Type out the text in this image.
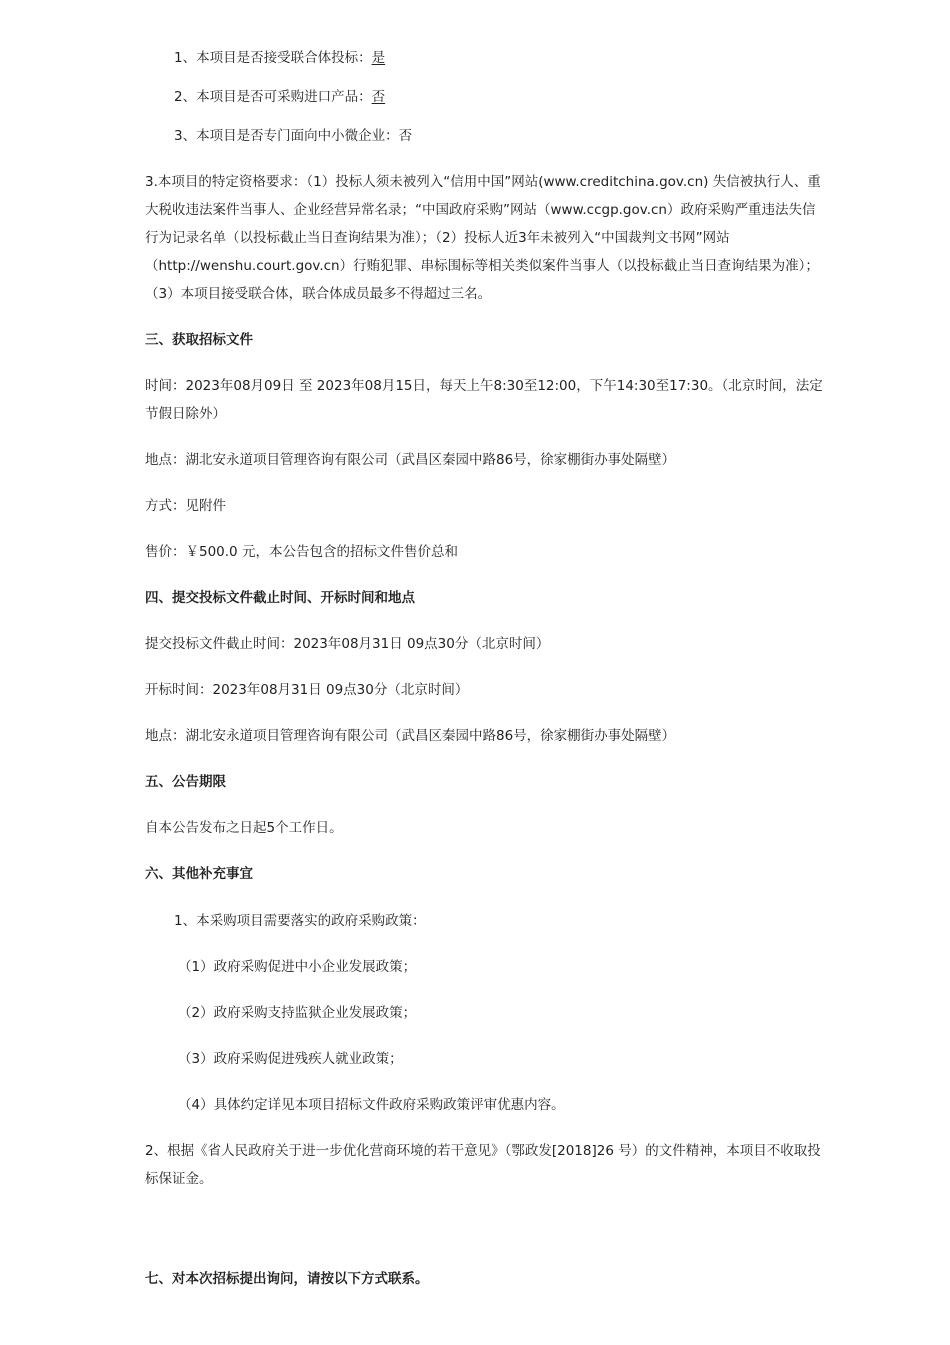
1、本项目是否接受联合体投标：是

2、本项目是否可采购进口产品：否

3、本项目是否专门面向中小微企业：否

3.本项目的特定资格要求：（1）投标人须未被列入“信用中国”网站(www.creditchina.gov.cn) 失信被执行人、重大税收违法案件当事人、企业经营异常名录；“中国政府采购”网站（www.ccgp.gov.cn）政府采购严重违法失信行为记录名单（以投标截止当日查询结果为准）；（2）投标人近3年未被列入“中国裁判文书网”网站（http://wenshu.court.gov.cn）行贿犯罪、串标围标等相关类似案件当事人（以投标截止当日查询结果为准）；（3）本项目接受联合体，联合体成员最多不得超过三名。

三、获取招标文件

时间：2023年08月09日 至 2023年08月15日，每天上午8:30至12:00，下午14:30至17:30。（北京时间，法定节假日除外）

地点：湖北安永道项目管理咨询有限公司（武昌区秦园中路86号，徐家棚街办事处隔壁）

方式：见附件

售价：￥500.0 元，本公告包含的招标文件售价总和

四、提交投标文件截止时间、开标时间和地点

提交投标文件截止时间：2023年08月31日 09点30分（北京时间）

开标时间：2023年08月31日 09点30分（北京时间）

地点：湖北安永道项目管理咨询有限公司（武昌区秦园中路86号，徐家棚街办事处隔壁）

五、公告期限

自本公告发布之日起5个工作日。

六、其他补充事宜

1、本采购项目需要落实的政府采购政策：

（1）政府采购促进中小企业发展政策；

（2）政府采购支持监狱企业发展政策；

（3）政府采购促进残疾人就业政策；

（4）具体约定详见本项目招标文件政府采购政策评审优惠内容。

2、根据《省人民政府关于进一步优化营商环境的若干意见》（鄂政发[2018]26 号）的文件精神，本项目不收取投标保证金。

七、对本次招标提出询问，请按以下方式联系。
